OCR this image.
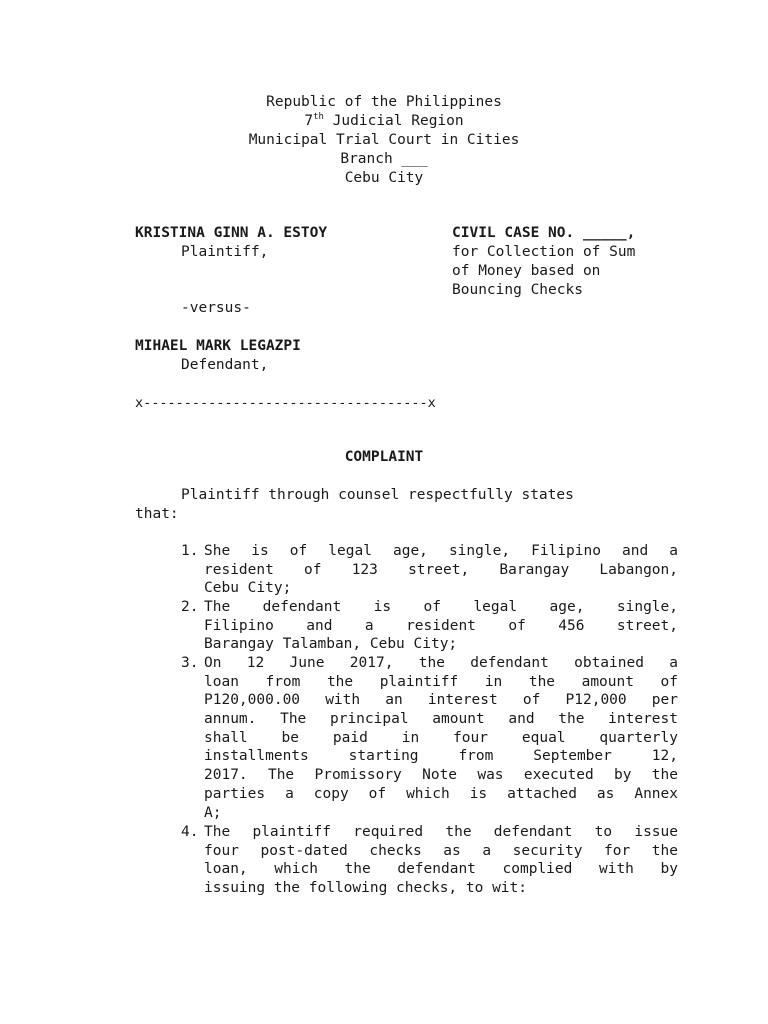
Republic of the Philippines
7th Judicial Region
Municipal Trial Court in Cities
Branch ___
Cebu City
KRISTINA GINN A. ESTOY
Plaintiff,
-versus-
MIHAEL MARK LEGAZPI
Defendant,
CIVIL CASE NO. _____,
for Collection of Sum
of Money based on
Bouncing Checks
x-----------------------------------x
COMPLAINT
Plaintiff through counsel respectfully states
that:
1. She is of legal age, single, Filipino and a
resident of 123 street, Barangay Labangon,
Cebu City;
2. The defendant is of legal age, single,
Filipino and a resident of 456 street,
Barangay Talamban, Cebu City;
3. On 12 June 2017, the defendant obtained a
loan from the plaintiff in the amount of
P120,000.00 with an interest of P12,000 per
annum. The principal amount and the interest
shall be paid in four equal quarterly
installments starting from September 12,
2017. The Promissory Note was executed by the
parties a copy of which is attached as Annex
A;
4. The plaintiff required the defendant to issue
four post-dated checks as a security for the
loan, which the defendant complied with by
issuing the following checks, to wit:
